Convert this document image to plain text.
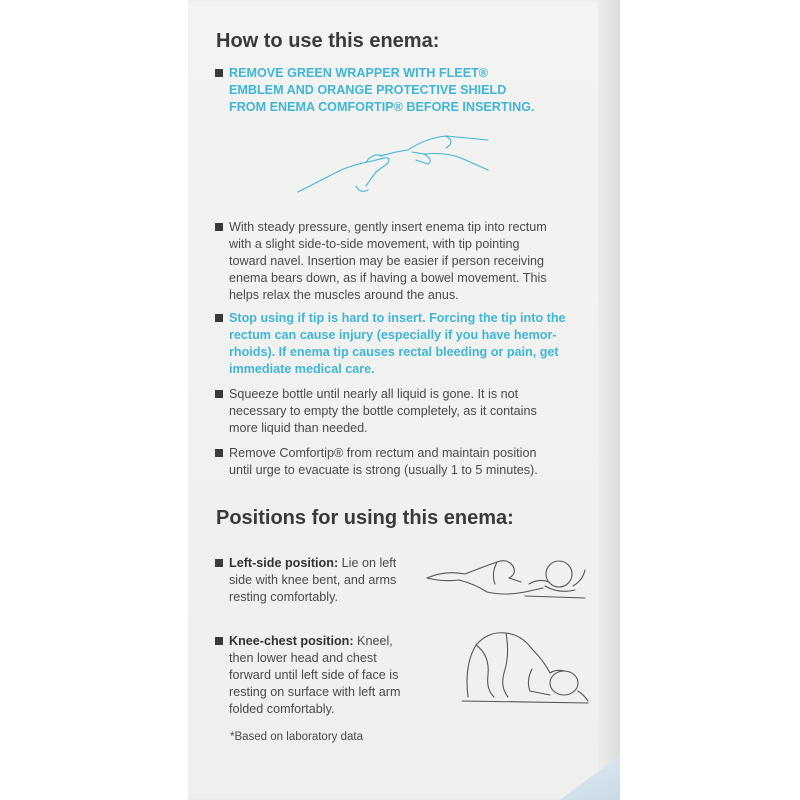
How to use this enema:
REMOVE GREEN WRAPPER WITH FLEET®
EMBLEM AND ORANGE PROTECTIVE SHIELD
FROM ENEMA COMFORTIP® BEFORE INSERTING.
With steady pressure, gently insert enema tip into rectum
with a slight side-to-side movement, with tip pointing
toward navel. Insertion may be easier if person receiving
enema bears down, as if having a bowel movement. This
helps relax the muscles around the anus.
Stop using if tip is hard to insert. Forcing the tip into the
rectum can cause injury (especially if you have hemor-
rhoids). If enema tip causes rectal bleeding or pain, get
immediate medical care.
Squeeze bottle until nearly all liquid is gone. It is not
necessary to empty the bottle completely, as it contains
more liquid than needed.
Remove Comfortip® from rectum and maintain position
until urge to evacuate is strong (usually 1 to 5 minutes).
Positions for using this enema:
Left-side position: Lie on left
side with knee bent, and arms
resting comfortably.
Knee-chest position: Kneel,
then lower head and chest
forward until left side of face is
resting on surface with left arm
folded comfortably.
*Based on laboratory data
